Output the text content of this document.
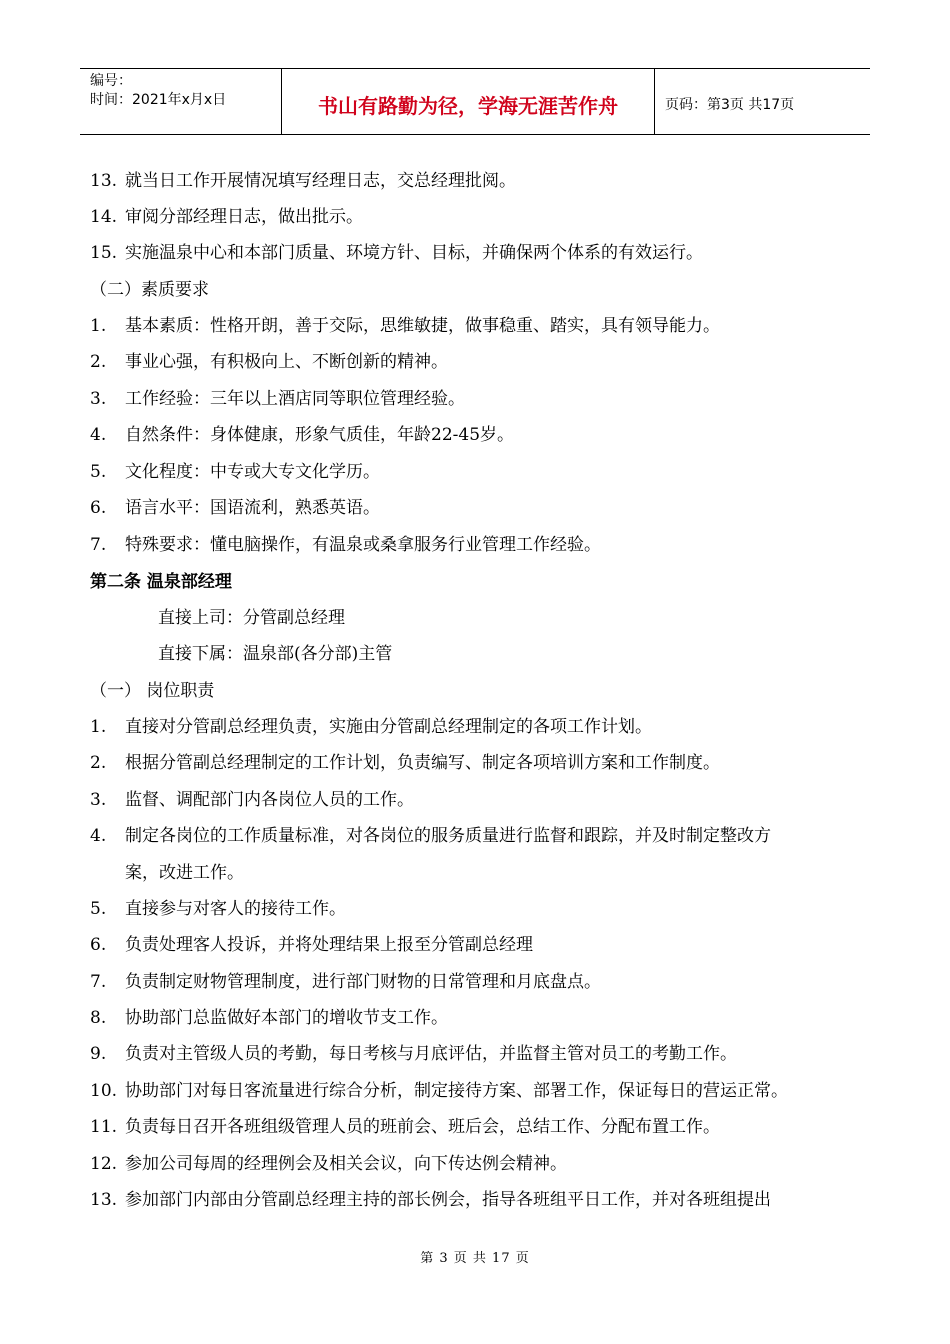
编号：
时间：2021年x月x日	书山有路勤为径，学海无涯苦作舟	页码：第3页 共17页
13. 就当日工作开展情况填写经理日志，交总经理批阅。
14. 审阅分部经理日志，做出批示。
15. 实施温泉中心和本部门质量、环境方针、目标，并确保两个体系的有效运行。
（二）素质要求
1. 基本素质：性格开朗，善于交际，思维敏捷，做事稳重、踏实，具有领导能力。
2. 事业心强，有积极向上、不断创新的精神。
3. 工作经验：三年以上酒店同等职位管理经验。
4. 自然条件：身体健康，形象气质佳，年龄22-45岁。
5. 文化程度：中专或大专文化学历。
6. 语言水平：国语流利，熟悉英语。
7. 特殊要求：懂电脑操作，有温泉或桑拿服务行业管理工作经验。
第二条 温泉部经理
直接上司：分管副总经理
直接下属：温泉部(各分部)主管
（一） 岗位职责
1. 直接对分管副总经理负责，实施由分管副总经理制定的各项工作计划。
2. 根据分管副总经理制定的工作计划，负责编写、制定各项培训方案和工作制度。
3. 监督、调配部门内各岗位人员的工作。
4. 制定各岗位的工作质量标准，对各岗位的服务质量进行监督和跟踪，并及时制定整改方
案，改进工作。
5. 直接参与对客人的接待工作。
6. 负责处理客人投诉，并将处理结果上报至分管副总经理
7. 负责制定财物管理制度，进行部门财物的日常管理和月底盘点。
8. 协助部门总监做好本部门的增收节支工作。
9. 负责对主管级人员的考勤，每日考核与月底评估，并监督主管对员工的考勤工作。
10. 协助部门对每日客流量进行综合分析，制定接待方案、部署工作，保证每日的营运正常。
11. 负责每日召开各班组级管理人员的班前会、班后会，总结工作、分配布置工作。
12. 参加公司每周的经理例会及相关会议，向下传达例会精神。
13. 参加部门内部由分管副总经理主持的部长例会，指导各班组平日工作，并对各班组提出
第 3 页 共 17 页
